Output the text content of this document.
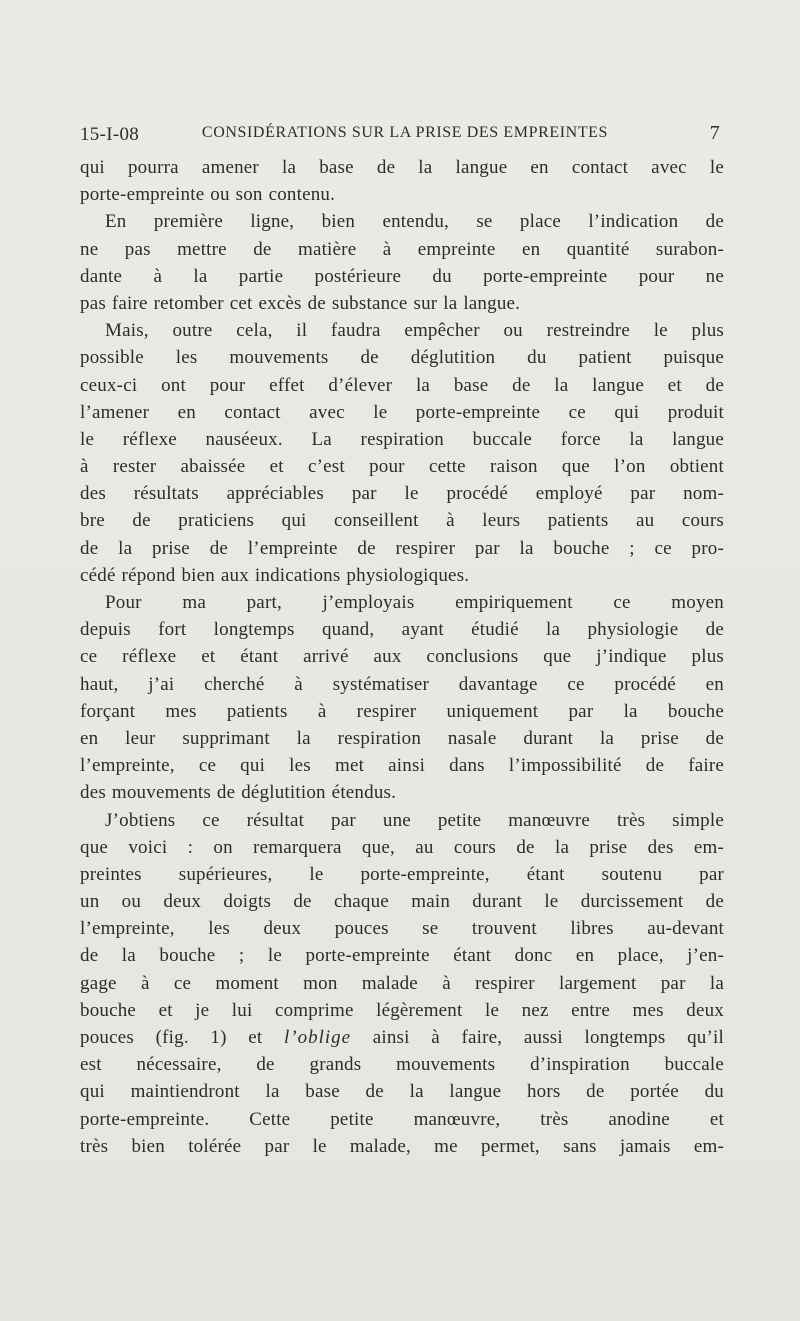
15-I-08	CONSIDÉRATIONS SUR LA PRISE DES EMPREINTES	7
qui pourra amener la base de la langue en contact avec le
porte-empreinte ou son contenu.
En première ligne, bien entendu, se place l’indication de
ne pas mettre de matière à empreinte en quantité surabon-
dante à la partie postérieure du porte-empreinte pour ne
pas faire retomber cet excès de substance sur la langue.
Mais, outre cela, il faudra empêcher ou restreindre le plus
possible les mouvements de déglutition du patient puisque
ceux-ci ont pour effet d’élever la base de la langue et de
l’amener en contact avec le porte-empreinte ce qui produit
le réflexe nauséeux. La respiration buccale force la langue
à rester abaissée et c’est pour cette raison que l’on obtient
des résultats appréciables par le procédé employé par nom-
bre de praticiens qui conseillent à leurs patients au cours
de la prise de l’empreinte de respirer par la bouche ; ce pro-
cédé répond bien aux indications physiologiques.
Pour ma part, j’employais empiriquement ce moyen
depuis fort longtemps quand, ayant étudié la physiologie de
ce réflexe et étant arrivé aux conclusions que j’indique plus
haut, j’ai cherché à systématiser davantage ce procédé en
forçant mes patients à respirer uniquement par la bouche
en leur supprimant la respiration nasale durant la prise de
l’empreinte, ce qui les met ainsi dans l’impossibilité de faire
des mouvements de déglutition étendus.
J’obtiens ce résultat par une petite manœuvre très simple
que voici : on remarquera que, au cours de la prise des em-
preintes supérieures, le porte-empreinte, étant soutenu par
un ou deux doigts de chaque main durant le durcissement de
l’empreinte, les deux pouces se trouvent libres au-devant
de la bouche ; le porte-empreinte étant donc en place, j’en-
gage à ce moment mon malade à respirer largement par la
bouche et je lui comprime légèrement le nez entre mes deux
pouces (fig. 1) et l’oblige ainsi à faire, aussi longtemps qu’il
est nécessaire, de grands mouvements d’inspiration buccale
qui maintiendront la base de la langue hors de portée du
porte-empreinte. Cette petite manœuvre, très anodine et
très bien tolérée par le malade, me permet, sans jamais em-
